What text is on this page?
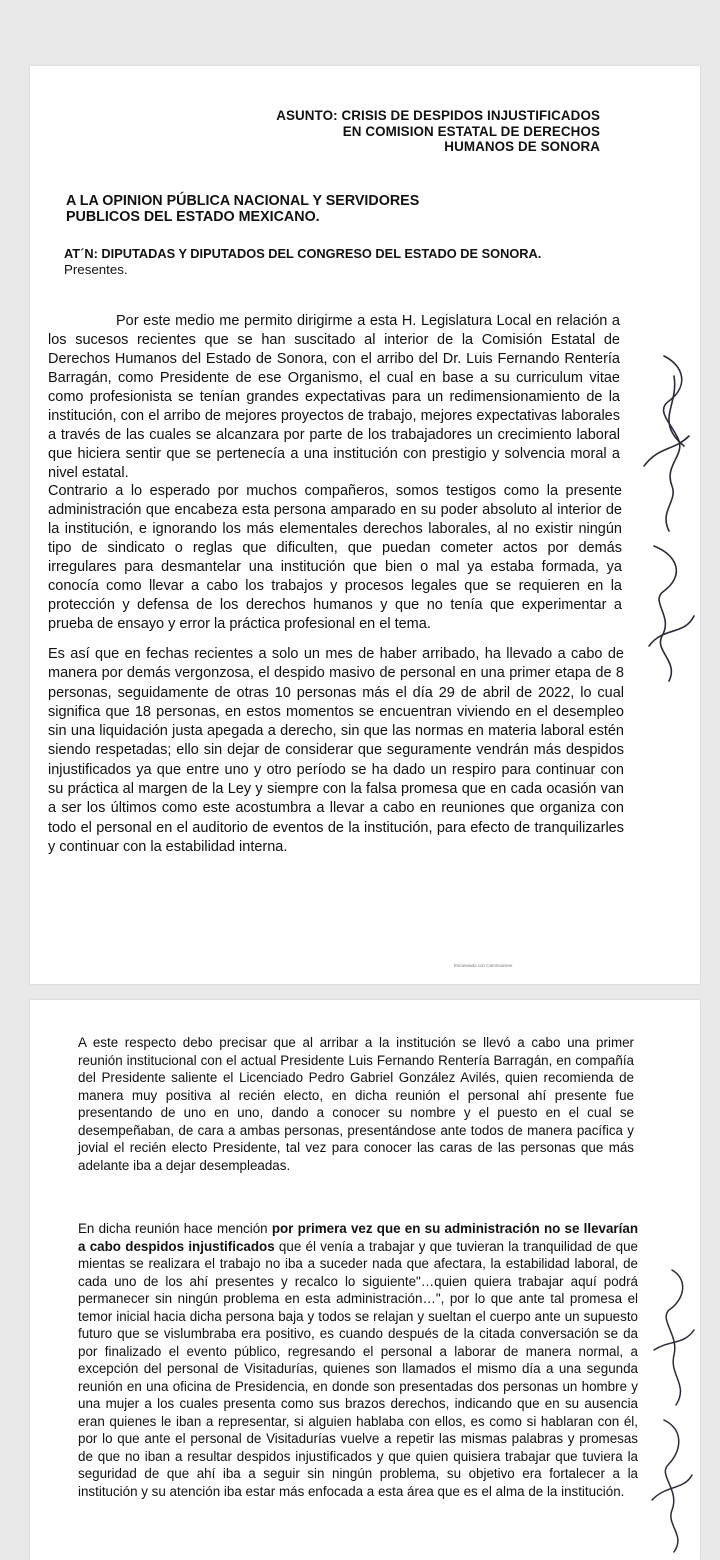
ASUNTO: CRISIS DE DESPIDOS INJUSTIFICADOS
EN COMISION ESTATAL DE DERECHOS
HUMANOS DE SONORA
A LA OPINION PÚBLICA NACIONAL Y SERVIDORES
PUBLICOS DEL ESTADO MEXICANO.
AT´N: DIPUTADAS Y DIPUTADOS DEL CONGRESO DEL ESTADO DE SONORA.
Presentes.
Por este medio me permito dirigirme a esta H. Legislatura Local en relación a los sucesos recientes que se han suscitado al interior de la Comisión Estatal de Derechos Humanos del Estado de Sonora, con el arribo del Dr. Luis Fernando Rentería Barragán, como Presidente de ese Organismo, el cual en base a su curriculum vitae como profesionista se tenían grandes expectativas para un redimensionamiento de la institución, con el arribo de mejores proyectos de trabajo, mejores expectativas laborales a través de las cuales se alcanzara por parte de los trabajadores un crecimiento laboral que hiciera sentir que se pertenecía a una institución con prestigio y solvencia moral a nivel estatal.
Contrario a lo esperado por muchos compañeros, somos testigos como la presente administración que encabeza esta persona amparado en su poder absoluto al interior de la institución, e ignorando los más elementales derechos laborales, al no existir ningún tipo de sindicato o reglas que dificulten, que puedan cometer actos por demás irregulares para desmantelar una institución que bien o mal ya estaba formada, ya conocía como llevar a cabo los trabajos y procesos legales que se requieren en la protección y defensa de los derechos humanos y que no tenía que experimentar a prueba de ensayo y error la práctica profesional en el tema.
Es así que en fechas recientes a solo un mes de haber arribado, ha llevado a cabo de manera por demás vergonzosa, el despido masivo de personal en una primer etapa de 8 personas, seguidamente de otras 10 personas más el día 29 de abril de 2022, lo cual significa que 18 personas, en estos momentos se encuentran viviendo en el desempleo sin una liquidación justa apegada a derecho, sin que las normas en materia laboral estén siendo respetadas; ello sin dejar de considerar que seguramente vendrán más despidos injustificados ya que entre uno y otro período se ha dado un respiro para continuar con su práctica al margen de la Ley y siempre con la falsa promesa que en cada ocasión van a ser los últimos como este acostumbra a llevar a cabo en reuniones que organiza con todo el personal en el auditorio de eventos de la institución, para efecto de tranquilizarles y continuar con la estabilidad interna.
Escaneado con CamScanner
A este respecto debo precisar que al arribar a la institución se llevó a cabo una primer reunión institucional con el actual Presidente Luis Fernando Rentería Barragán, en compañía del Presidente saliente el Licenciado Pedro Gabriel González Avilés, quien recomienda de manera muy positiva al recién electo, en dicha reunión el personal ahí presente fue presentando de uno en uno, dando a conocer su nombre y el puesto en el cual se desempeñaban, de cara a ambas personas, presentándose ante todos de manera pacífica y jovial el recién electo Presidente, tal vez para conocer las caras de las personas que más adelante iba a dejar desempleadas.
En dicha reunión hace mención por primera vez que en su administración no se llevarían a cabo despidos injustificados que él venía a trabajar y que tuvieran la tranquilidad de que mientas se realizara el trabajo no iba a suceder nada que afectara, la estabilidad laboral, de cada uno de los ahí presentes y recalco lo siguiente"…quien quiera trabajar aquí podrá permanecer sin ningún problema en esta administración…", por lo que ante tal promesa el temor inicial hacia dicha persona baja y todos se relajan y sueltan el cuerpo ante un supuesto futuro que se vislumbraba era positivo, es cuando después de la citada conversación se da por finalizado el evento público, regresando el personal a laborar de manera normal, a excepción del personal de Visitadurías, quienes son llamados el mismo día a una segunda reunión en una oficina de Presidencia, en donde son presentadas dos personas un hombre y una mujer a los cuales presenta como sus brazos derechos, indicando que en su ausencia eran quienes le iban a representar, si alguien hablaba con ellos, es como si hablaran con él, por lo que ante el personal de Visitadurías vuelve a repetir las mismas palabras y promesas de que no iban a resultar despidos injustificados y que quien quisiera trabajar que tuviera la seguridad de que ahí iba a seguir sin ningún problema, su objetivo era fortalecer a la institución y su atención iba estar más enfocada a esta área que es el alma de la institución.
